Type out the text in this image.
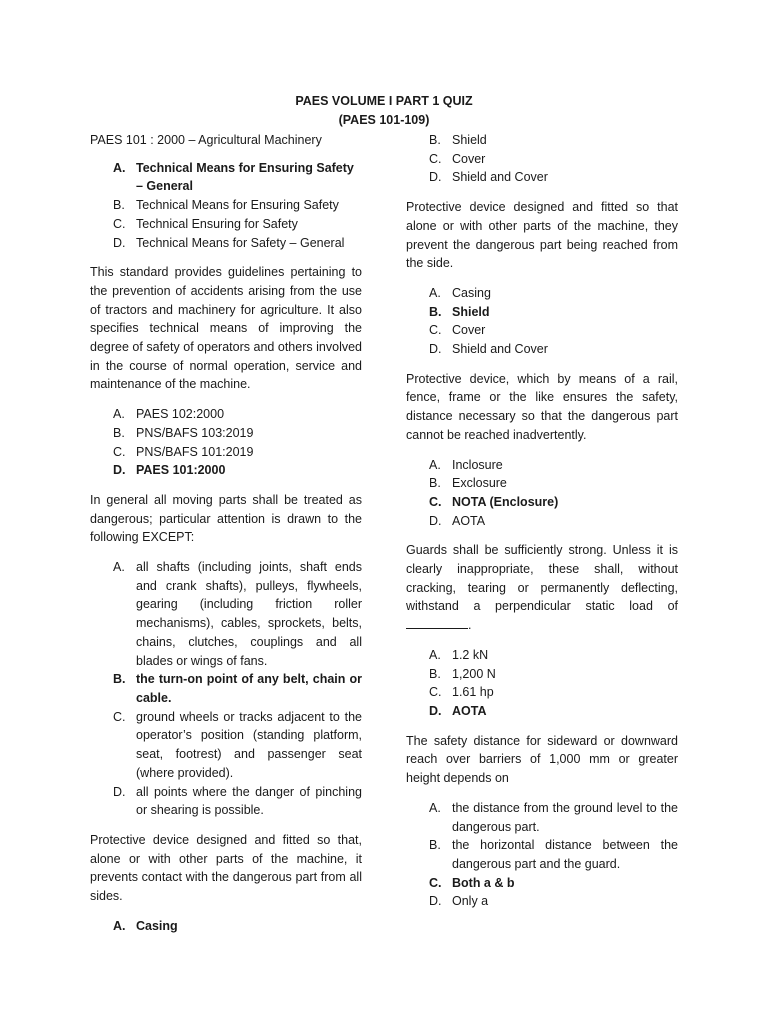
PAES VOLUME I PART 1 QUIZ
(PAES 101-109)

PAES 101 : 2000 – Agricultural Machinery

A. Technical Means for Ensuring Safety – General
B. Technical Means for Ensuring Safety
C. Technical Ensuring for Safety
D. Technical Means for Safety – General

This standard provides guidelines pertaining to the prevention of accidents arising from the use of tractors and machinery for agriculture. It also specifies technical means of improving the degree of safety of operators and others involved in the course of normal operation, service and maintenance of the machine.

A. PAES 102:2000
B. PNS/BAFS 103:2019
C. PNS/BAFS 101:2019
D. PAES 101:2000

In general all moving parts shall be treated as dangerous; particular attention is drawn to the following EXCEPT:

A. all shafts (including joints, shaft ends and crank shafts), pulleys, flywheels, gearing (including friction roller mechanisms), cables, sprockets, belts, chains, clutches, couplings and all blades or wings of fans.
B. the turn-on point of any belt, chain or cable.
C. ground wheels or tracks adjacent to the operator’s position (standing platform, seat, footrest) and passenger seat (where provided).
D. all points where the danger of pinching or shearing is possible.

Protective device designed and fitted so that, alone or with other parts of the machine, it prevents contact with the dangerous part from all sides.

A. Casing
B. Shield
C. Cover
D. Shield and Cover

Protective device designed and fitted so that alone or with other parts of the machine, they prevent the dangerous part being reached from the side.

A. Casing
B. Shield
C. Cover
D. Shield and Cover

Protective device, which by means of a rail, fence, frame or the like ensures the safety, distance necessary so that the dangerous part cannot be reached inadvertently.

A. Inclosure
B. Exclosure
C. NOTA (Enclosure)
D. AOTA

Guards shall be sufficiently strong. Unless it is clearly inappropriate, these shall, without cracking, tearing or permanently deflecting, withstand a perpendicular static load of .

A. 1.2 kN
B. 1,200 N
C. 1.61 hp
D. AOTA

The safety distance for sideward or downward reach over barriers of 1,000 mm or greater height depends on

A. the distance from the ground level to the dangerous part.
B. the horizontal distance between the dangerous part and the guard.
C. Both a & b
D. Only a
